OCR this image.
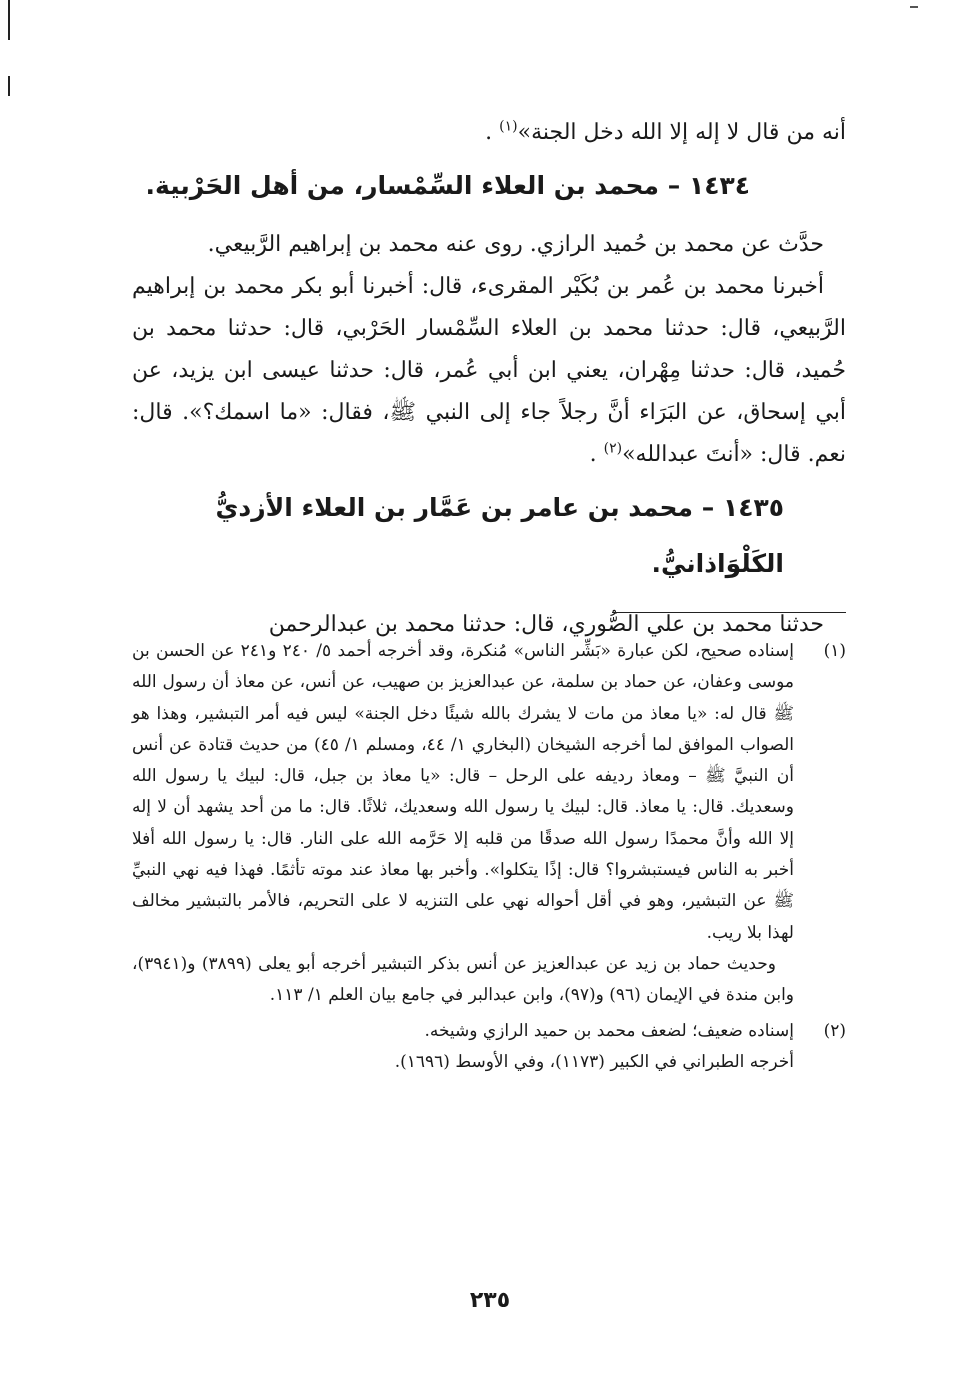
أنه من قال لا إله إلا الله دخل الجنة»$^{(١)}$ .

١٤٣٤ – محمد بن العلاء السِّمْسار، من أهل الحَرْبية.

حدَّث عن محمد بن حُميد الرازي. روى عنه محمد بن إبراهيم الرَّبيعي.

أخبرنا محمد بن عُمر بن بُكَيْر المقرىء، قال: أخبرنا أبو بكر محمد بن إبراهيم الرَّبيعي، قال: حدثنا محمد بن العلاء السِّمْسار الحَرْبي، قال: حدثنا محمد بن حُميد، قال: حدثنا مِهْران، يعني ابن أبي عُمر، قال: حدثنا عيسى ابن يزيد، عن أبي إسحاق، عن البَرَاء أنَّ رجلاً جاء إلى النبي ﷺ، فقال: «ما اسمك؟». قال: نعم. قال: «أنتَ عبدالله»$^{(٢)}$ .

١٤٣٥ – محمد بن عامر بن عَمَّار بن العلاء الأزديُّ الكَلْوَاذانيُّ.

حدثنا محمد بن علي الصُّوري، قال: حدثنا محمد بن عبدالرحمن

(١)

إسناده صحيح، لكن عبارة «بَشِّر الناس» مُنكرة، وقد أخرجه أحمد ٥/ ٢٤٠ و٢٤١ عن الحسن بن موسى وعفان، عن حماد بن سلمة، عن عبدالعزيز بن صهيب، عن أنس، عن معاذ أن رسول الله ﷺ قال له: «يا معاذ من مات لا يشرك بالله شيئًا دخل الجنة» ليس فيه أمر التبشير، وهذا هو الصواب الموافق لما أخرجه الشيخان (البخاري ١/ ٤٤، ومسلم ١/ ٤٥) من حديث قتادة عن أنس أن النبيَّ ﷺ – ومعاذ رديفه على الرحل – قال: «يا معاذ بن جبل، قال: لبيك يا رسول الله وسعديك. قال: يا معاذ. قال: لبيك يا رسول الله وسعديك، ثلاثًا. قال: ما من أحد يشهد أن لا إله إلا الله وأنَّ محمدًا رسول الله صدقًا من قلبه إلا حَرَّمه الله على النار. قال: يا رسول الله أفلا أخبر به الناس فيستبشروا؟ قال: إذًا يتكلوا». وأخبر بها معاذ عند موته تأثمًا. فهذا فيه نهي النبيِّ ﷺ عن التبشير، وهو في أقل أحواله نهي على التنزيه لا على التحريم، فالأمر بالتبشير مخالف لهذا بلا ريب.

وحديث حماد بن زيد عن عبدالعزيز عن أنس بذكر التبشير أخرجه أبو يعلى (٣٨٩٩) و(٣٩٤١)، وابن مندة في الإيمان (٩٦) و(٩٧)، وابن عبدالبر في جامع بيان العلم ١/ ١١٣.

(٢)

إسناده ضعيف؛ لضعف محمد بن حميد الرازي وشيخه.

أخرجه الطبراني في الكبير (١١٧٣)، وفي الأوسط (١٦٩٦).

٢٣٥
